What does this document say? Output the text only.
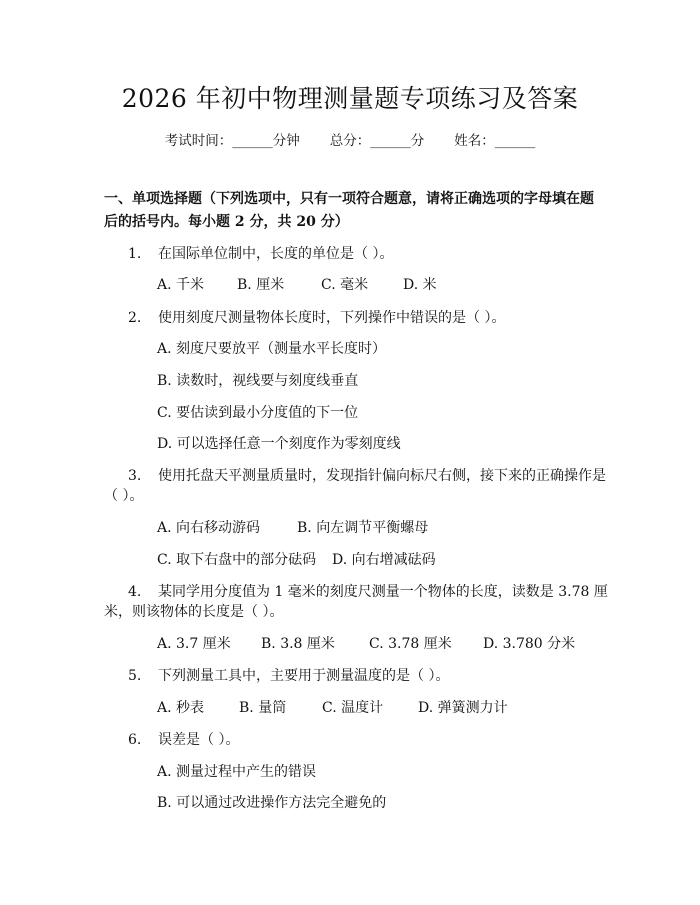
2026 年初中物理测量题专项练习及答案
考试时间：______分钟 总分：______分 姓名：______
一、单项选择题（下列选项中，只有一项符合题意，请将正确选项的字母填在题后的括号内。每小题 2 分，共 20 分）
1. 在国际单位制中，长度的单位是（ ）。
A. 千米 B. 厘米	C. 毫米 D. 米
2. 使用刻度尺测量物体长度时，下列操作中错误的是（ ）。
A. 刻度尺要放平（测量水平长度时）
B. 读数时，视线要与刻度线垂直
C. 要估读到最小分度值的下一位
D. 可以选择任意一个刻度作为零刻度线
3. 使用托盘天平测量质量时，发现指针偏向标尺右侧，接下来的正确操作是
（ ）。
A. 向右移动游码	B. 向左调节平衡螺母
C. 取下右盘中的部分砝码 D. 向右增减砝码
4. 某同学用分度值为 1 毫米的刻度尺测量一个物体的长度，读数是 3.78 厘
米，则该物体的长度是（ ）。
A. 3.7 厘米 B. 3.8 厘米 C. 3.78 厘米 D. 3.780 分米
5. 下列测量工具中，主要用于测量温度的是（ ）。
A. 秒表 B. 量筒	C. 温度计 D. 弹簧测力计
6. 误差是（ ）。
A. 测量过程中产生的错误
B. 可以通过改进操作方法完全避免的
